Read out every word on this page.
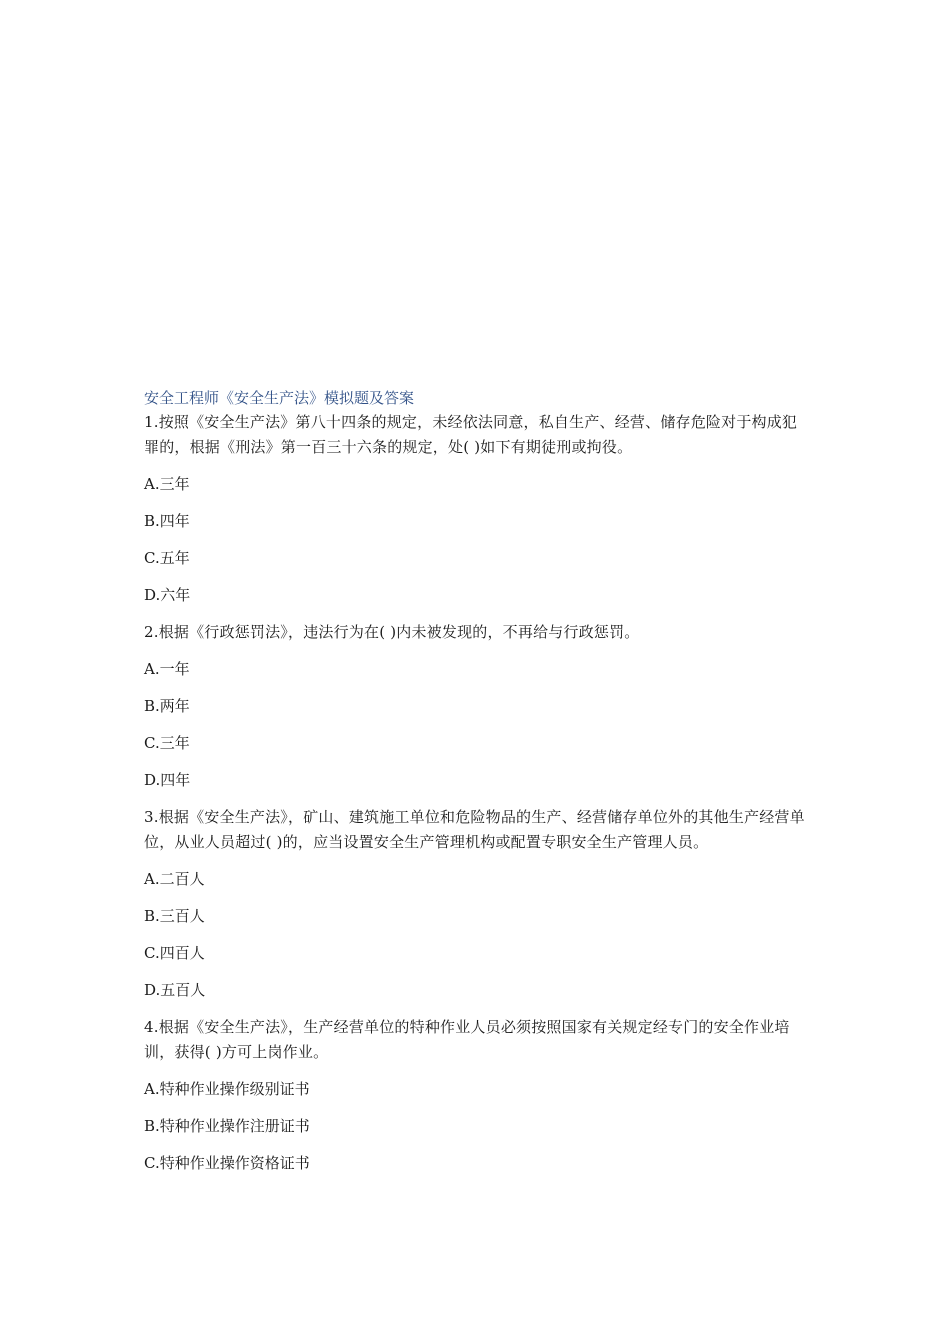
安全工程师《安全生产法》模拟题及答案
1.按照《安全生产法》第八十四条的规定，未经依法同意，私自生产、经营、储存危险对于构成犯罪的，根据《刑法》第一百三十六条的规定，处( )如下有期徒刑或拘役。
A.三年
B.四年
C.五年
D.六年
2.根据《行政惩罚法》，违法行为在( )内未被发现的，不再给与行政惩罚。
A.一年
B.两年
C.三年
D.四年
3.根据《安全生产法》，矿山、建筑施工单位和危险物品的生产、经营储存单位外的其他生产经营单位，从业人员超过( )的，应当设置安全生产管理机构或配置专职安全生产管理人员。
A.二百人
B.三百人
C.四百人
D.五百人
4.根据《安全生产法》，生产经营单位的特种作业人员必须按照国家有关规定经专门的安全作业培训，获得( )方可上岗作业。
A.特种作业操作级别证书
B.特种作业操作注册证书
C.特种作业操作资格证书
